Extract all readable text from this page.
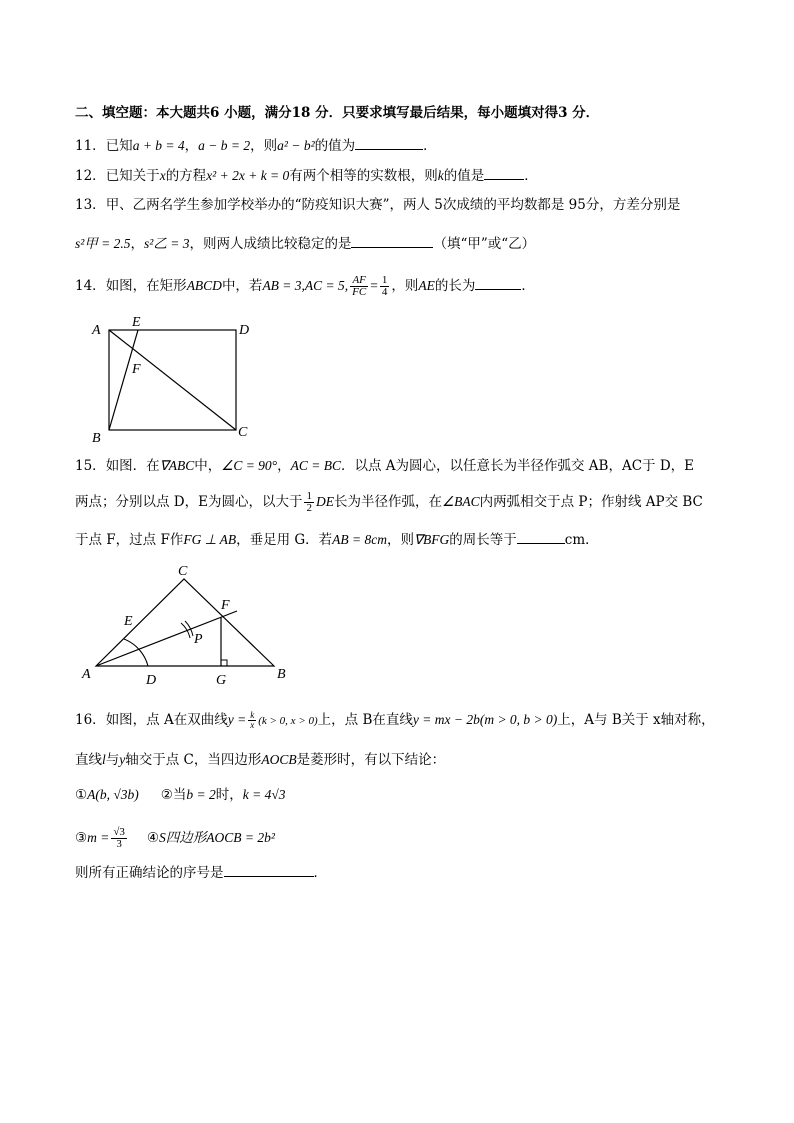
二、填空题：本大题共6 小题，满分18 分．只要求填写最后结果，每小题填对得3 分．
11．已知a + b = 4，a − b = 2，则a² − b²的值为	．
12．已知关于x的方程x² + 2x + k = 0有两个相等的实数根，则k的值是	．
13．甲、乙两名学生参加学校举办的“防疫知识大赛”，两人 5次成绩的平均数都是 95分，方差分别是
s²甲 = 2.5，s²乙 = 3，则两人成绩比较稳定的是	（填“甲”或“乙）
14．如图，在矩形ABCD中，若AB = 3,AC = 5, $\frac{AF}{FC} = \frac{1}{4}$ ，则AE的长为	．
A
B	C
D
E
F
15．如图．在∇ABC中，∠C = 90°，AC = BC．以点 A为圆心，以任意长为半径作弧交 AB，AC于 D，E
两点；分别以点 D，E为圆心，以大于 $\frac{1}{2}$ DE长为半径作弧，在∠BAC内两弧相交于点 P；作射线 AP交 BC
于点 F，过点 F作FG ⊥ AB，垂足用 G．若AB = 8cm，则∇BFG的周长等于	cm．
A	B
C
D
E
F
G
P
16．如图，点 A在双曲线$y = \frac{k}{x} (k > 0$, x > 0)上，点 B在直线y = mx − 2b(m > 0, b > 0)上，A与 B关于 x轴对称，
直线l与y轴交于点 C，当四边形AOCB是菱形时，有以下结论：
①A(b, √3b) ②当b = 2时，k = 4√3
③m = $\frac{√3}{3}$ ④S四边形AOCB = 2b²
则所有正确结论的序号是	．
